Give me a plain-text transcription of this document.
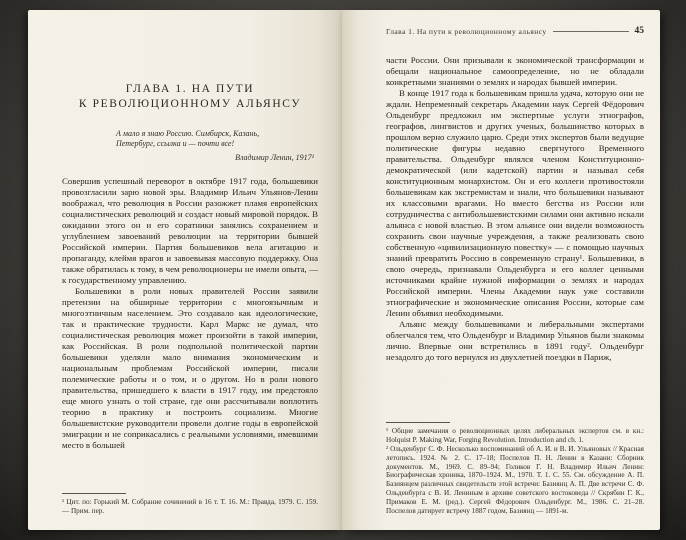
ГЛАВА 1. НА ПУТИ
К РЕВОЛЮЦИОННОМУ АЛЬЯНСУ
А мало я знаю Россию. Симбирск, Казань,
Петербург, ссылка и — почти все!
Владимир Ленин, 1917¹

Совершив успешный переворот в октябре 1917 года, большевики провозгласили зарю новой эры. Владимир Ильич Ульянов-Ленин воображал, что революция в России разожжет пламя европейских социалистических революций и создаст новый мировой порядок. В ожидании этого он и его соратники занялись сохранением и углублением завоеваний революции на территории бывшей Российской империи. Партия большевиков вела агитацию и пропаганду, клеймя врагов и завоевывая массовую поддержку. Она также обратилась к тому, в чем революционеры не имели опыта, — к государственному управлению.

Большевики в роли новых правителей России заявили претензии на обширные территории с многоязычным и многоэтничным населением. Это создавало как идеологические, так и практические трудности. Карл Маркс не думал, что социалистическая революция может произойти в такой империи, как Российская. В роли подпольной политической партии большевики уделяли мало внимания экономическим и национальным проблемам Российской империи, писали полемические работы и о том, и о другом. Но в роли нового правительства, пришедшего к власти в 1917 году, им предстояло еще много узнать о той стране, где они рассчитывали воплотить теорию в практику и построить социализм. Многие большевистские руководители провели долгие годы в европейской эмиграции и не соприкасались с реальными условиями, имевшими место в большей

¹ Цит. по: Горький М. Собрание сочинений в 16 т. Т. 16. М.: Правда, 1979. С. 159. — Прим. пер.

Глава 1. На пути к революционному альянсу	45

части России. Они призывали к экономической трансформации и обещали национальное самоопределение, но не обладали конкретными знаниями о землях и народах бывшей империи.

В конце 1917 года к большевикам пришла удача, которую они не ждали. Непременный секретарь Академии наук Сергей Фёдорович Ольденбург предложил им экспертные услуги этнографов, географов, лингвистов и других ученых, большинство которых в прошлом верно служило царю. Среди этих экспертов были ведущие политические фигуры недавно свергнутого Временного правительства. Ольденбург являлся членом Конституционно-демократической (или кадетской) партии и называл себя конституционным монархистом. Он и его коллеги противостояли большевикам как экстремистам и знали, что большевики называют их классовыми врагами. Но вместо бегства из России или сотрудничества с антибольшевистскими силами они активно искали альянса с новой властью. В этом альянсе они видели возможность сохранить свои научные учреждения, а также реализовать свою собственную «цивилизационную повестку» — с помощью научных знаний превратить Россию в современную страну¹. Большевики, в свою очередь, признавали Ольденбурга и его коллег ценными источниками крайне нужной информации о землях и народах Российской империи. Члены Академии наук уже составили этнографические и экономические описания России, которые сам Ленин объявил необходимыми.

Альянс между большевиками и либеральными экспертами облегчался тем, что Ольденбург и Владимир Ульянов были знакомы лично. Впервые они встретились в 1891 году². Ольденбург незадолго до того вернулся из двухлетней поездки в Париж,

¹ Общие замечания о революционных целях либеральных экспертов см. в кн.: Holquist P. Making War, Forging Revolution. Introduction and ch. 1.

² Ольденбург С. Ф. Несколько воспоминаний об А. И. и В. И. Ульяновых // Красная летопись. 1924. № 2. С. 17–18; Поспелов П. Н. Ленин в Казани: Сборник документов. М., 1969. С. 89–94; Голиков Г. Н. Владимир Ильич Ленин: Биографическая хроника, 1870–1924. М., 1970. Т. 1. С. 55. См. обсуждение А. П. Базиянцем различных свидетельств этой встречи: Базиянц А. П. Две встречи С. Ф. Ольденбурга с В. И. Лениным в архиве советского востоковеда // Скрябин Г. К., Примаков Е. М. (ред.). Сергей Фёдорович Ольденбург. М., 1986. С. 21–28. Поспелов датирует встречу 1887 годом, Базиянц — 1891-м.
